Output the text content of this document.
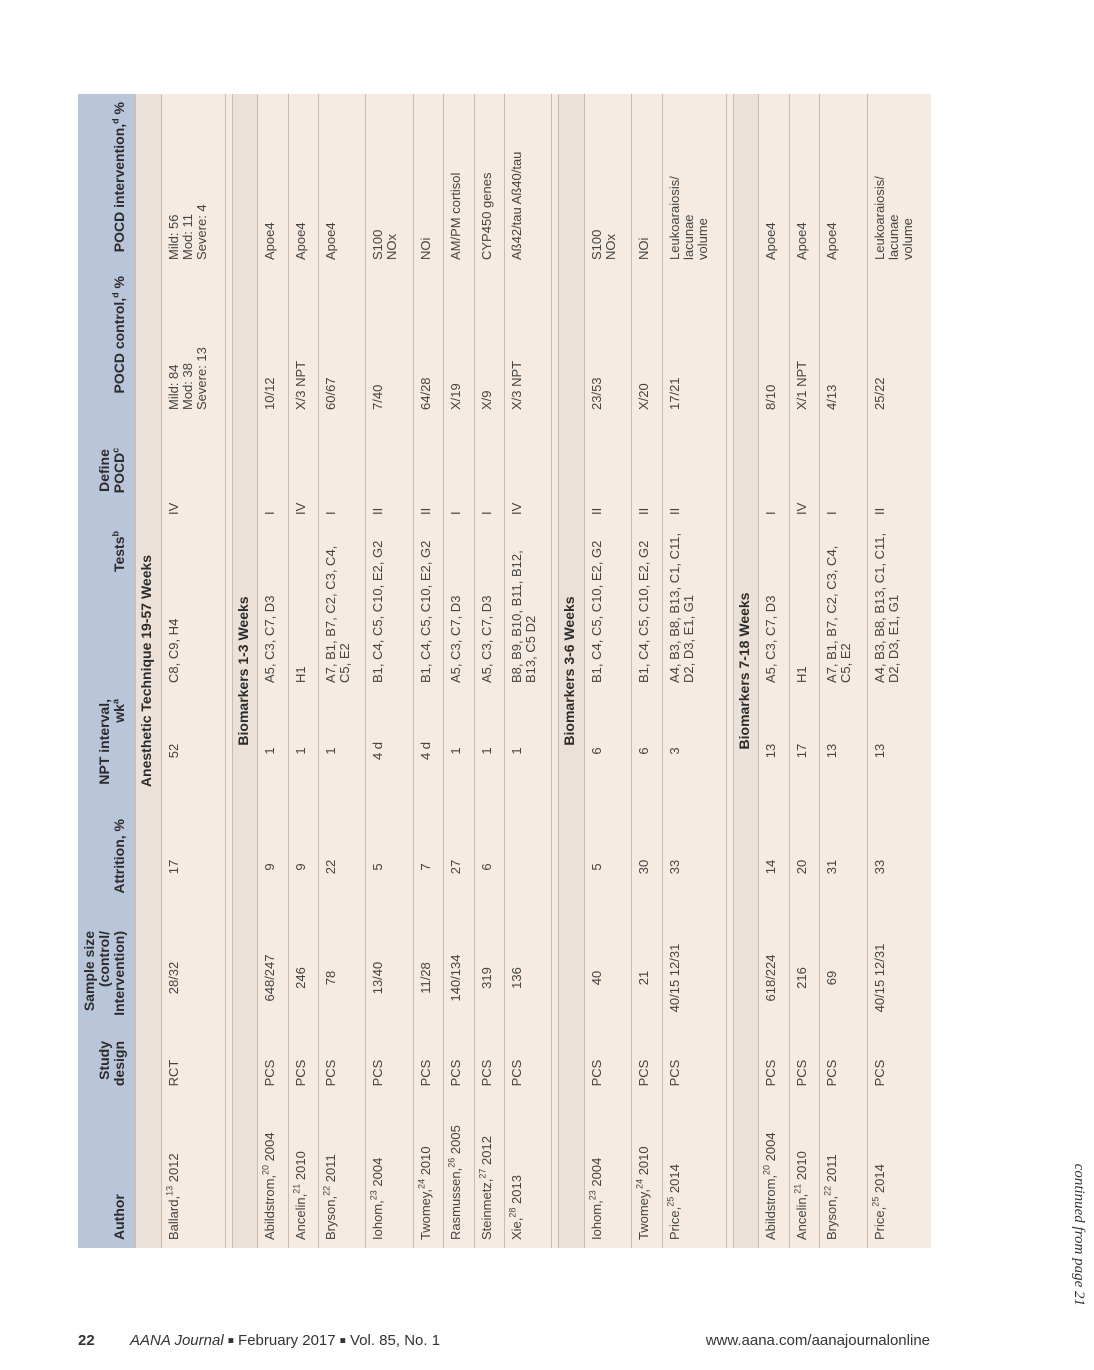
continued from page 21
Author	Study design	Sample size (control/ Intervention)	Attrition, %	NPT interval, $wk^a$	Tests$^b$	Define POCD$^c$	POCD control,$^d$ %	POCD intervention,$^d$ %
Anesthetic Technique 19-57 Weeks								
Ballard,$^{13}$ 2012	RCT	28/32	17	52	C8, C9, H4	IV	Mild: 84
Mod: 38
Severe: 13	Mild: 56
Mod: 11
Severe: 4

Biomarkers 1-3 Weeks								
Abildstrom,$^{20}$ 2004	PCS	648/247	9	1	A5, C3, C7, D3	I	10/12	Apoe4
Ancelin,$^{21}$ 2010	PCS	246	9	1	H1	IV	X/3 NPT	Apoe4
Bryson,$^{22}$ 2011	PCS	78	22	1	A7, B1, B7, C2, C3, C4, C5, E2	I	60/67	Apoe4
Iohom,$^{23}$ 2004	PCS	13/40	5	4 d	B1, C4, C5, C10, E2, G2	II	7/40	S100
NOx
Twomey,$^{24}$ 2010	PCS	11/28	7	4 d	B1, C4, C5, C10, E2, G2	II	64/28	NOi
Rasmussen,$^{26}$ 2005	PCS	140/134	27	1	A5, C3, C7, D3	I	X/19	AM/PM cortisol
Steinmetz,$^{27}$ 2012	PCS	319	6	1	A5, C3, C7, D3	I	X/9	CYP450 genes
Xie,$^{28}$ 2013	PCS	136		1	B8, B9, B10, B11, B12, B13, C5 D2	IV	X/3 NPT	Aß42/tau Aß40/tau

Biomarkers 3-6 Weeks								
Iohom,$^{23}$ 2004	PCS	40	5	6	B1, C4, C5, C10, E2, G2	II	23/53	S100
NOx
Twomey,$^{24}$ 2010	PCS	21	30	6	B1, C4, C5, C10, E2, G2	II	X/20	NOi
Price,$^{25}$ 2014	PCS	40/15 12/31	33	3	A4, B3, B8, B13, C1, C11, D2, D3, E1, G1	II	17/21	Leukoaraiosis/
lacunae
volume

Biomarkers 7-18 Weeks								
Abildstrom,$^{20}$ 2004	PCS	618/224	14	13	A5, C3, C7, D3	I	8/10	Apoe4
Ancelin,$^{21}$ 2010	PCS	216	20	17	H1	IV	X/1 NPT	Apoe4
Bryson,$^{22}$ 2011	PCS	69	31	13	A7, B1, B7, C2, C3, C4, C5, E2	I	4/13	Apoe4
Price,$^{25}$ 2014	PCS	40/15 12/31	33	13	A4, B3, B8, B13, C1, C11, D2, D3, E1, G1	II	25/22	Leukoaraiosis/
lacunae
volume
22 AANA Journal ■ February 2017 ■ Vol. 85, No. 1	www.aana.com/aanajournalonline
